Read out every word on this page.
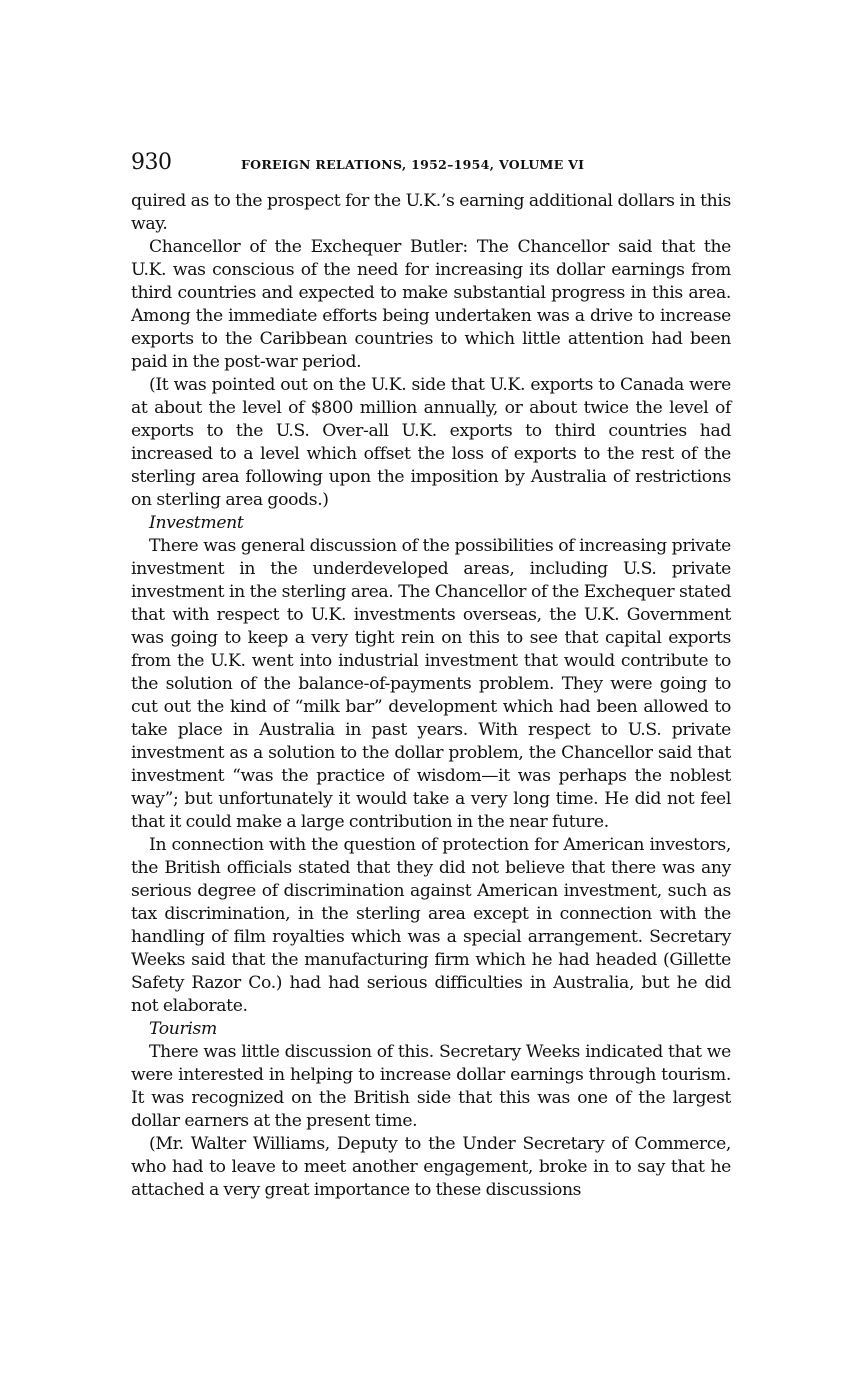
930	FOREIGN RELATIONS, 1952–1954, VOLUME VI

quired as to the prospect for the U.K.’s earning additional dollars in this way.

Chancellor of the Exchequer Butler: The Chancellor said that the U.K. was conscious of the need for increasing its dollar earnings from third countries and expected to make substantial progress in this area. Among the immediate efforts being undertaken was a drive to increase exports to the Caribbean countries to which little attention had been paid in the post-war period.

(It was pointed out on the U.K. side that U.K. exports to Canada were at about the level of $800 million annually, or about twice the level of exports to the U.S. Over-all U.K. exports to third countries had increased to a level which offset the loss of exports to the rest of the sterling area following upon the imposition by Australia of restrictions on sterling area goods.)

Investment

There was general discussion of the possibilities of increasing private investment in the underdeveloped areas, including U.S. private investment in the sterling area. The Chancellor of the Exchequer stated that with respect to U.K. investments overseas, the U.K. Government was going to keep a very tight rein on this to see that capital exports from the U.K. went into industrial investment that would contribute to the solution of the balance-of-payments problem. They were going to cut out the kind of “milk bar” development which had been allowed to take place in Australia in past years. With respect to U.S. private investment as a solution to the dollar problem, the Chancellor said that investment “was the practice of wisdom—it was perhaps the noblest way”; but unfortunately it would take a very long time. He did not feel that it could make a large contribution in the near future.

In connection with the question of protection for American investors, the British officials stated that they did not believe that there was any serious degree of discrimination against American investment, such as tax discrimination, in the sterling area except in connection with the handling of film royalties which was a special arrangement. Secretary Weeks said that the manufacturing firm which he had headed (Gillette Safety Razor Co.) had had serious difficulties in Australia, but he did not elaborate.

Tourism

There was little discussion of this. Secretary Weeks indicated that we were interested in helping to increase dollar earnings through tourism. It was recognized on the British side that this was one of the largest dollar earners at the present time.

(Mr. Walter Williams, Deputy to the Under Secretary of Commerce, who had to leave to meet another engagement, broke in to say that he attached a very great importance to these discussions
